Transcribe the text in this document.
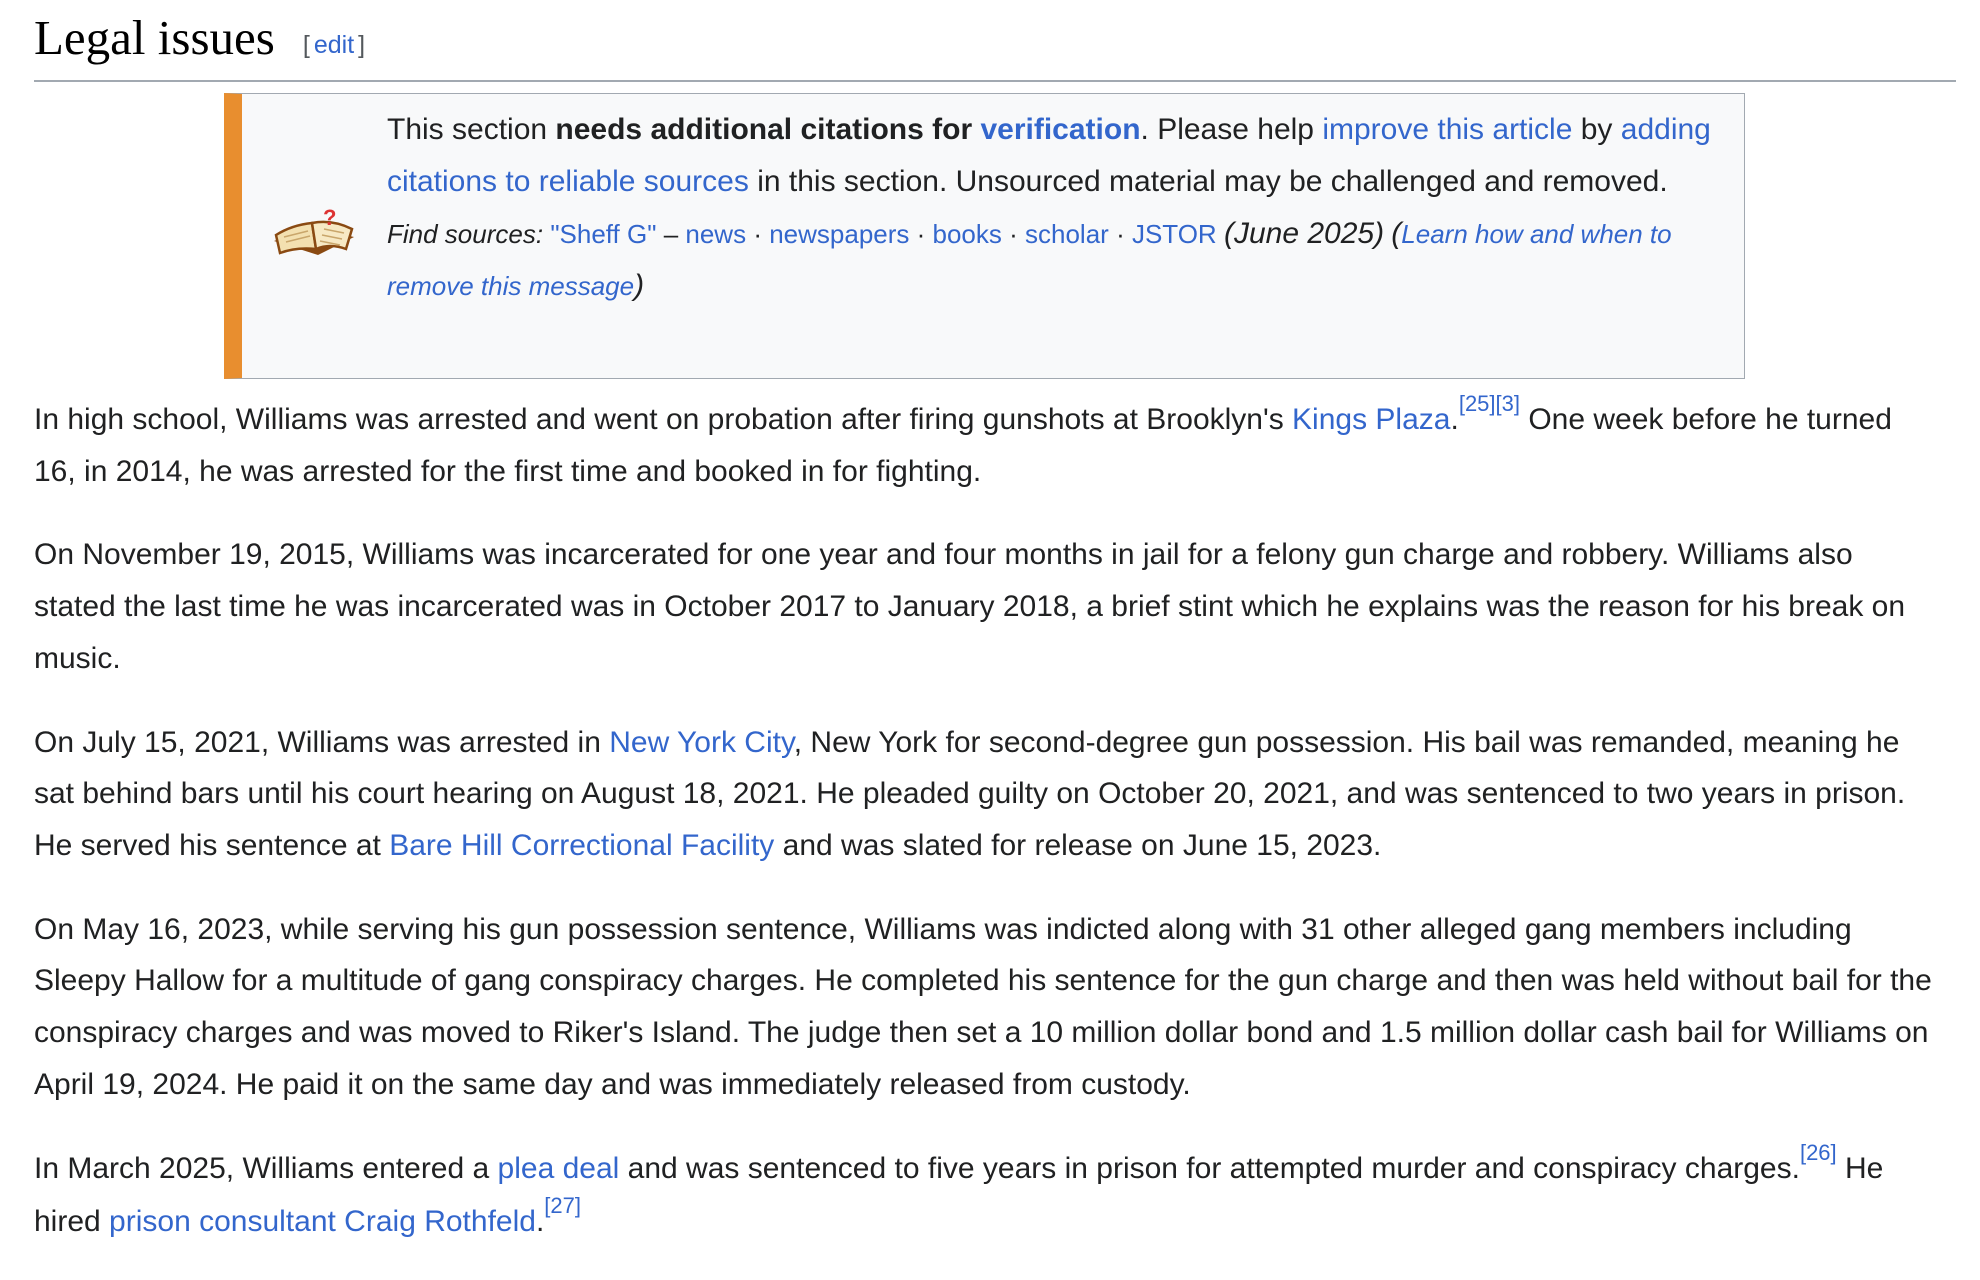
Legal issues [ edit ]
?
This section needs additional citations for verification. Please help improve this article by adding citations to reliable sources in this section. Unsourced material may be challenged and removed.
Find sources: "Sheff G" – news · newspapers · books · scholar · JSTOR (June 2025) (Learn how and when to remove this message)

In high school, Williams was arrested and went on probation after firing gunshots at Brooklyn's Kings Plaza.[25][3] One week before he turned 16, in 2014, he was arrested for the first time and booked in for fighting.

On November 19, 2015, Williams was incarcerated for one year and four months in jail for a felony gun charge and robbery. Williams also stated the last time he was incarcerated was in October 2017 to January 2018, a brief stint which he explains was the reason for his break on music.

On July 15, 2021, Williams was arrested in New York City, New York for second-degree gun possession. His bail was remanded, meaning he sat behind bars until his court hearing on August 18, 2021. He pleaded guilty on October 20, 2021, and was sentenced to two years in prison. He served his sentence at Bare Hill Correctional Facility and was slated for release on June 15, 2023.

On May 16, 2023, while serving his gun possession sentence, Williams was indicted along with 31 other alleged gang members including Sleepy Hallow for a multitude of gang conspiracy charges. He completed his sentence for the gun charge and then was held without bail for the conspiracy charges and was moved to Riker's Island. The judge then set a 10 million dollar bond and 1.5 million dollar cash bail for Williams on April 19, 2024. He paid it on the same day and was immediately released from custody.

In March 2025, Williams entered a plea deal and was sentenced to five years in prison for attempted murder and conspiracy charges.[26] He hired prison consultant Craig Rothfeld.[27]
